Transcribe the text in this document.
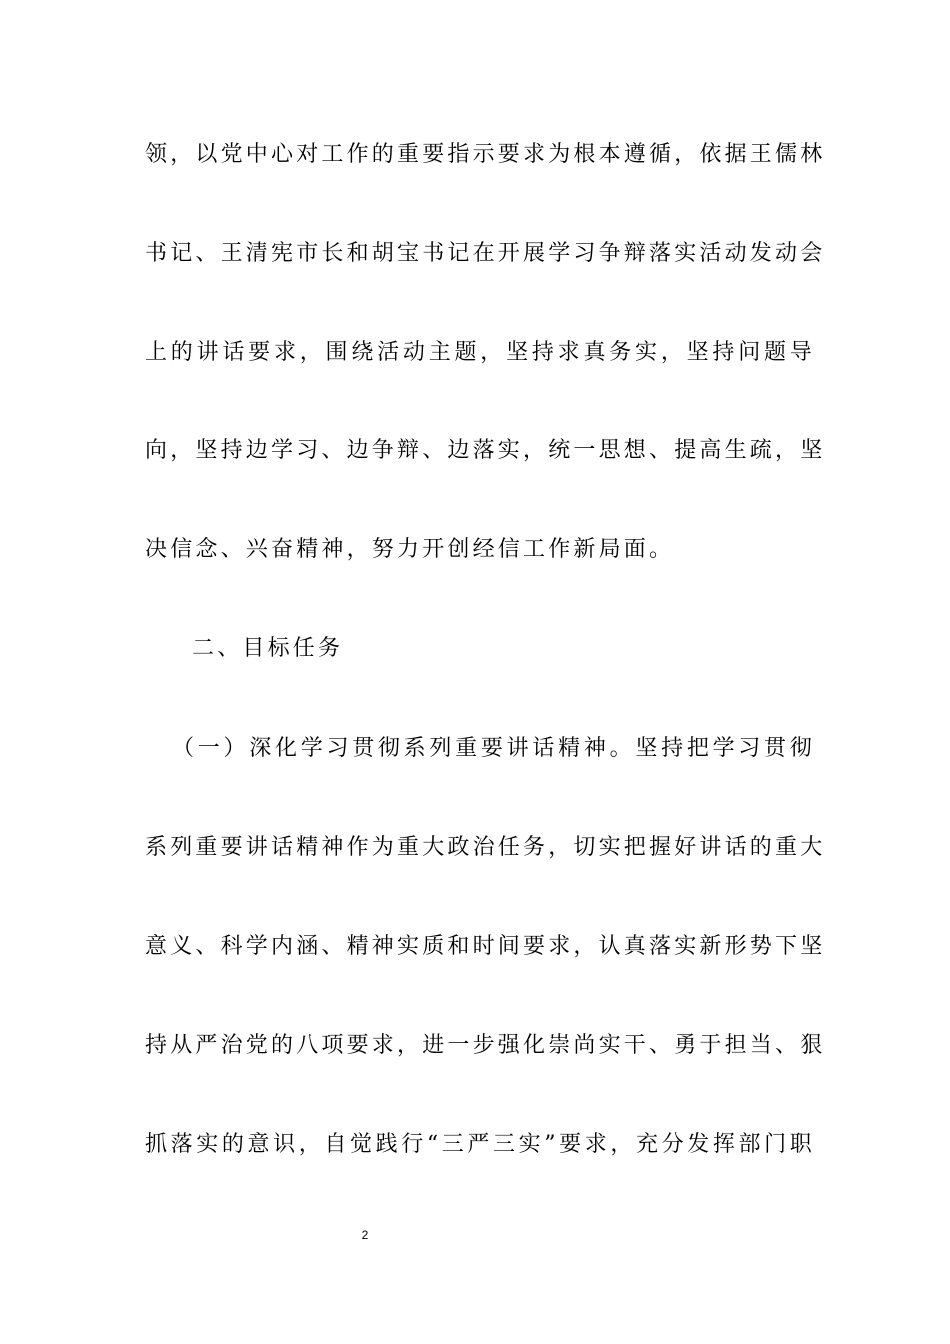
领，以党中心对工作的重要指示要求为根本遵循，依据王儒林
书记、王清宪市长和胡宝书记在开展学习争辩落实活动发动会
上的讲话要求，围绕活动主题，坚持求真务实，坚持问题导
向，坚持边学习、边争辩、边落实，统一思想、提高生疏，坚
决信念、兴奋精神，努力开创经信工作新局面。
二、目标任务
（一）深化学习贯彻系列重要讲话精神。坚持把学习贯彻
系列重要讲话精神作为重大政治任务，切实把握好讲话的重大
意义、科学内涵、精神实质和时间要求，认真落实新形势下坚
持从严治党的八项要求，进一步强化崇尚实干、勇于担当、狠
抓落实的意识，自觉践行“三严三实”要求，充分发挥部门职
2
